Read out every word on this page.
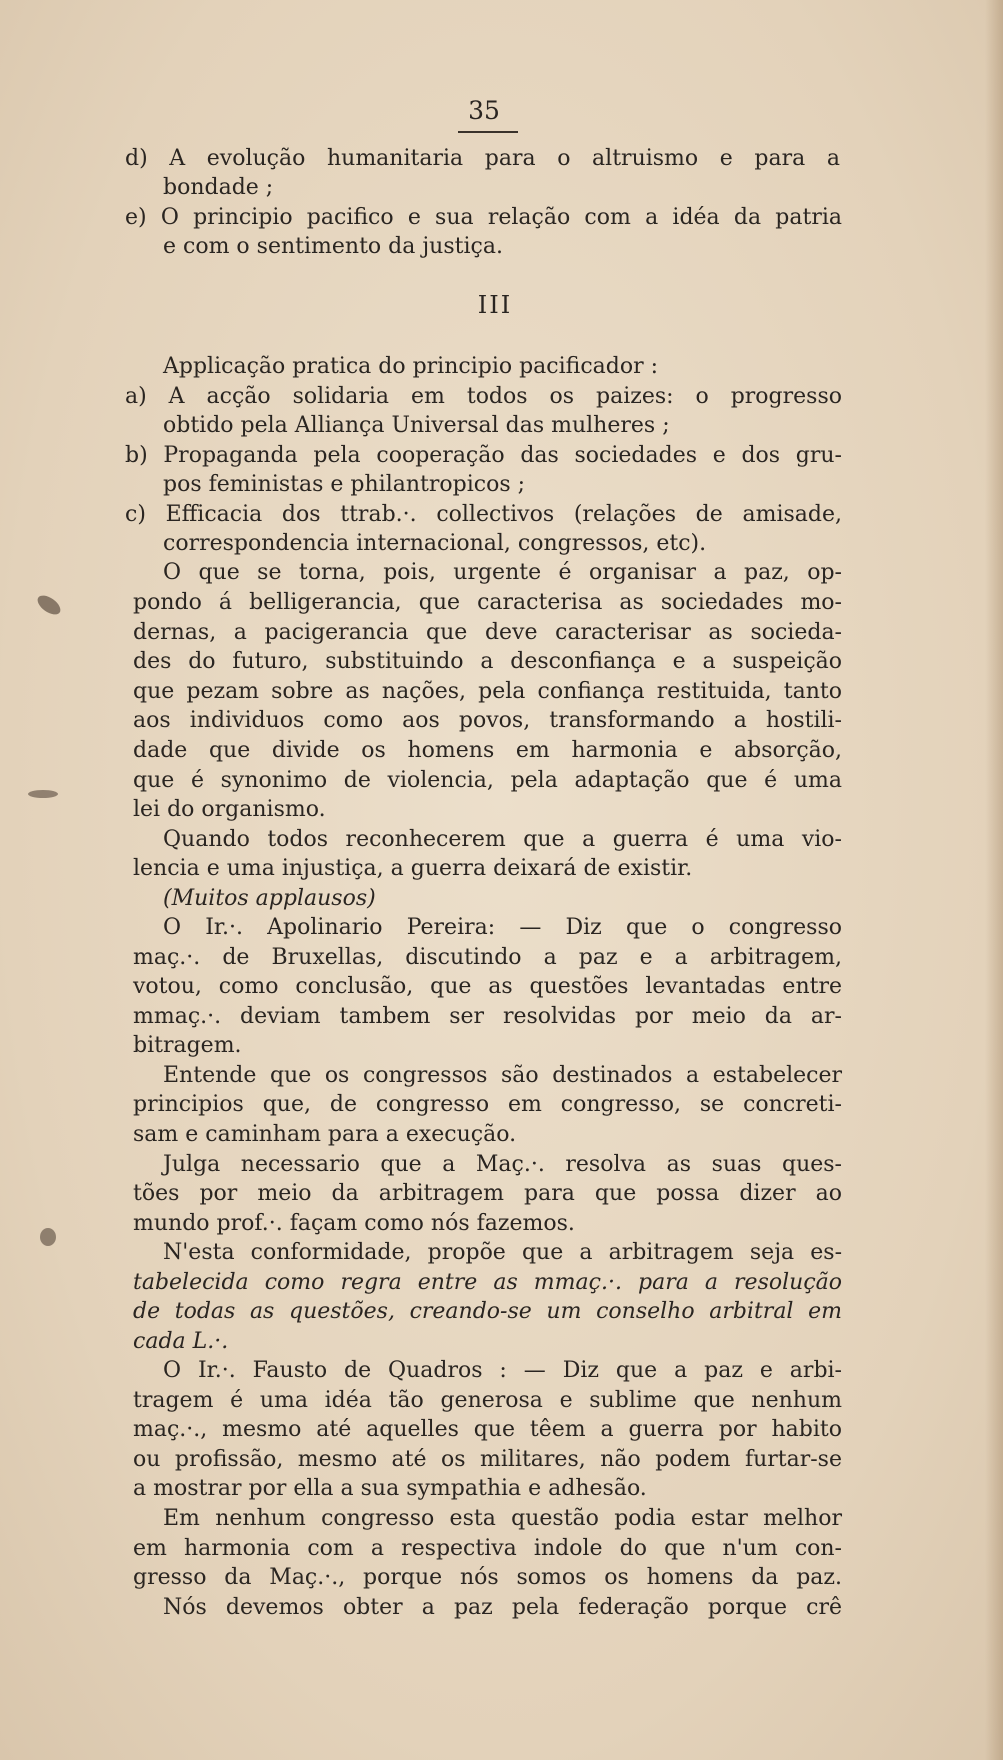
35
d) A evolução humanitaria para o altruismo e para a
bondade ;
e) O principio pacifico e sua relação com a idéa da patria
e com o sentimento da justiça.
III
Applicação pratica do principio pacificador :
a) A acção solidaria em todos os paizes: o progresso
obtido pela Alliança Universal das mulheres ;
b) Propaganda pela cooperação das sociedades e dos gru-
pos feministas e philantropicos ;
c) Efficacia dos ttrab.·. collectivos (relações de amisade,
correspondencia internacional, congressos, etc).
O que se torna, pois, urgente é organisar a paz, op-
pondo á belligerancia, que caracterisa as sociedades mo-
dernas, a pacigerancia que deve caracterisar as socieda-
des do futuro, substituindo a desconfiança e a suspeição
que pezam sobre as nações, pela confiança restituida, tanto
aos individuos como aos povos, transformando a hostili-
dade que divide os homens em harmonia e absorção,
que é synonimo de violencia, pela adaptação que é uma
lei do organismo.
Quando todos reconhecerem que a guerra é uma vio-
lencia e uma injustiça, a guerra deixará de existir.
(Muitos applausos)
O Ir.·. Apolinario Pereira: — Diz que o congresso
maç.·. de Bruxellas, discutindo a paz e a arbitragem,
votou, como conclusão, que as questões levantadas entre
mmaç.·. deviam tambem ser resolvidas por meio da ar-
bitragem.
Entende que os congressos são destinados a estabelecer
principios que, de congresso em congresso, se concreti-
sam e caminham para a execução.
Julga necessario que a Maç.·. resolva as suas ques-
tões por meio da arbitragem para que possa dizer ao
mundo prof.·. façam como nós fazemos.
N'esta conformidade, propõe que a arbitragem seja es-
tabelecida como regra entre as mmaç.·. para a resolução
de todas as questões, creando-se um conselho arbitral em
cada L.·.
O Ir.·. Fausto de Quadros : — Diz que a paz e arbi-
tragem é uma idéa tão generosa e sublime que nenhum
maç.·., mesmo até aquelles que têem a guerra por habito
ou profissão, mesmo até os militares, não podem furtar-se
a mostrar por ella a sua sympathia e adhesão.
Em nenhum congresso esta questão podia estar melhor
em harmonia com a respectiva indole do que n'um con-
gresso da Maç.·., porque nós somos os homens da paz.
Nós devemos obter a paz pela federação porque crê
